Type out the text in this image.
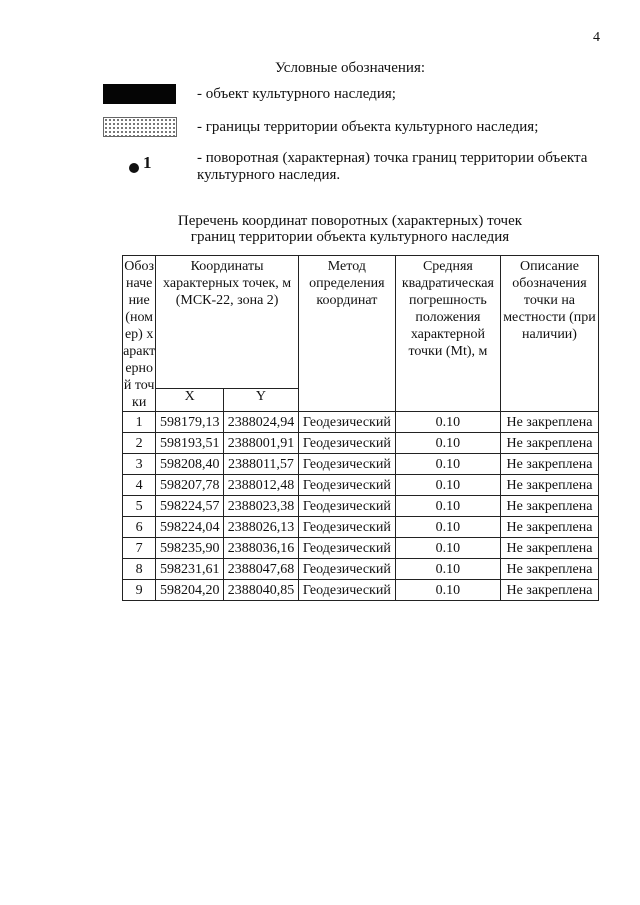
4
Условные обозначения:
- объект культурного наследия;
- границы территории объекта культурного наследия;
1	- поворотная (характерная) точка границ территории объекта культурного наследия.
Перечень координат поворотных (характерных) точек
границ территории объекта культурного наследия
Обозначение (номер) характерной точки	Координаты характерных точек, м (МСК-22, зона 2)		Метод определения координат	Средняя квадратическая погрешность положения характерной точки (Mt), м	Описание обозначения точки на местности (при наличии)
	X	Y			
1	598179,13	2388024,94	Геодезический	0.10	Не закреплена
2	598193,51	2388001,91	Геодезический	0.10	Не закреплена
3	598208,40	2388011,57	Геодезический	0.10	Не закреплена
4	598207,78	2388012,48	Геодезический	0.10	Не закреплена
5	598224,57	2388023,38	Геодезический	0.10	Не закреплена
6	598224,04	2388026,13	Геодезический	0.10	Не закреплена
7	598235,90	2388036,16	Геодезический	0.10	Не закреплена
8	598231,61	2388047,68	Геодезический	0.10	Не закреплена
9	598204,20	2388040,85	Геодезический	0.10	Не закреплена
